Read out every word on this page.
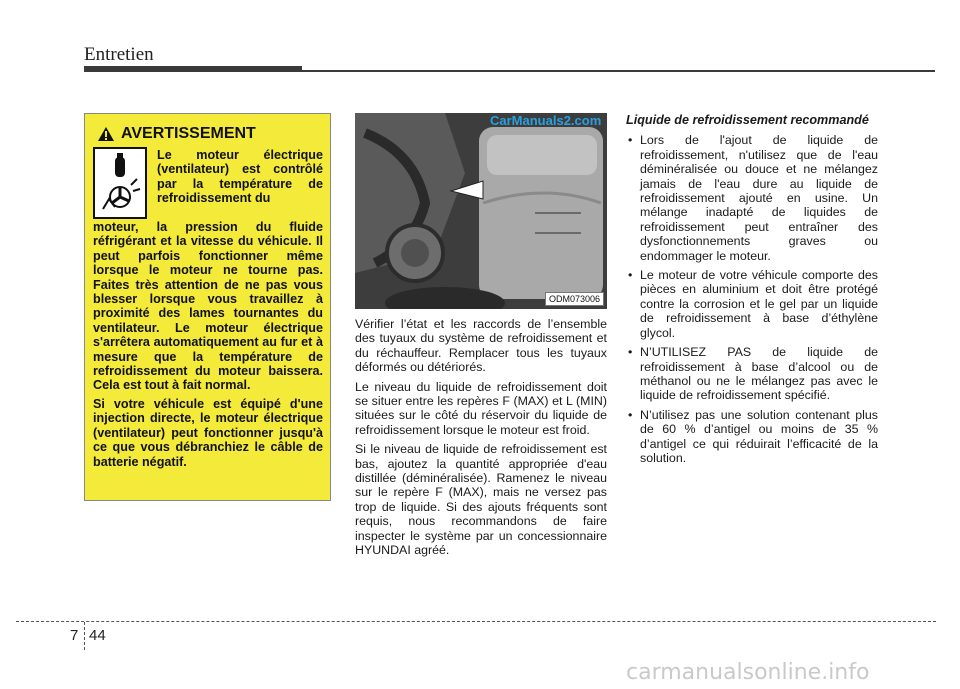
Entretien
AVERTISSEMENT
Le moteur électrique (ventilateur) est contrôlé par la température de refroidissement du

moteur, la pression du fluide réfrigérant et la vitesse du véhicule. Il peut parfois fonctionner même lorsque le moteur ne tourne pas. Faites très attention de ne pas vous blesser lorsque vous travaillez à proximité des lames tournantes du ventilateur. Le moteur électrique s'arrêtera automatiquement au fur et à mesure que la température de refroidissement du moteur baissera. Cela est tout à fait normal.

Si votre véhicule est équipé d'une injection directe, le moteur électrique (ventilateur) peut fonctionner jusqu'à ce que vous débranchiez le câble de batterie négatif.

CarManuals2.com
ODM073006

Vérifier l’état et les raccords de l’ensemble des tuyaux du système de refroidissement et du réchauffeur. Remplacer tous les tuyaux déformés ou détériorés.

Le niveau du liquide de refroidissement doit se situer entre les repères F (MAX) et L (MIN) situées sur le côté du réservoir du liquide de refroidissement lorsque le moteur est froid.

Si le niveau de liquide de refroidissement est bas, ajoutez la quantité appropriée d'eau distillée (déminéralisée). Ramenez le niveau sur le repère F (MAX), mais ne versez pas trop de liquide. Si des ajouts fréquents sont requis, nous recommandons de faire inspecter le système par un concessionnaire HYUNDAI agréé.

Liquide de refroidissement recommandé
• Lors de l'ajout de liquide de refroidissement, n'utilisez que de l'eau déminéralisée ou douce et ne mélangez jamais de l'eau dure au liquide de refroidissement ajouté en usine. Un mélange inadapté de liquides de refroidissement peut entraîner des dysfonctionnements graves ou endommager le moteur.
• Le moteur de votre véhicule comporte des pièces en aluminium et doit être protégé contre la corrosion et le gel par un liquide de refroidissement à base d’éthylène glycol.
• N’UTILISEZ PAS de liquide de refroidissement à base d’alcool ou de méthanol ou ne le mélangez pas avec le liquide de refroidissement spécifié.
• N’utilisez pas une solution contenant plus de 60 % d’antigel ou moins de 35 % d’antigel ce qui réduirait l’efficacité de la solution.
7 44
carmanualsonline.info
